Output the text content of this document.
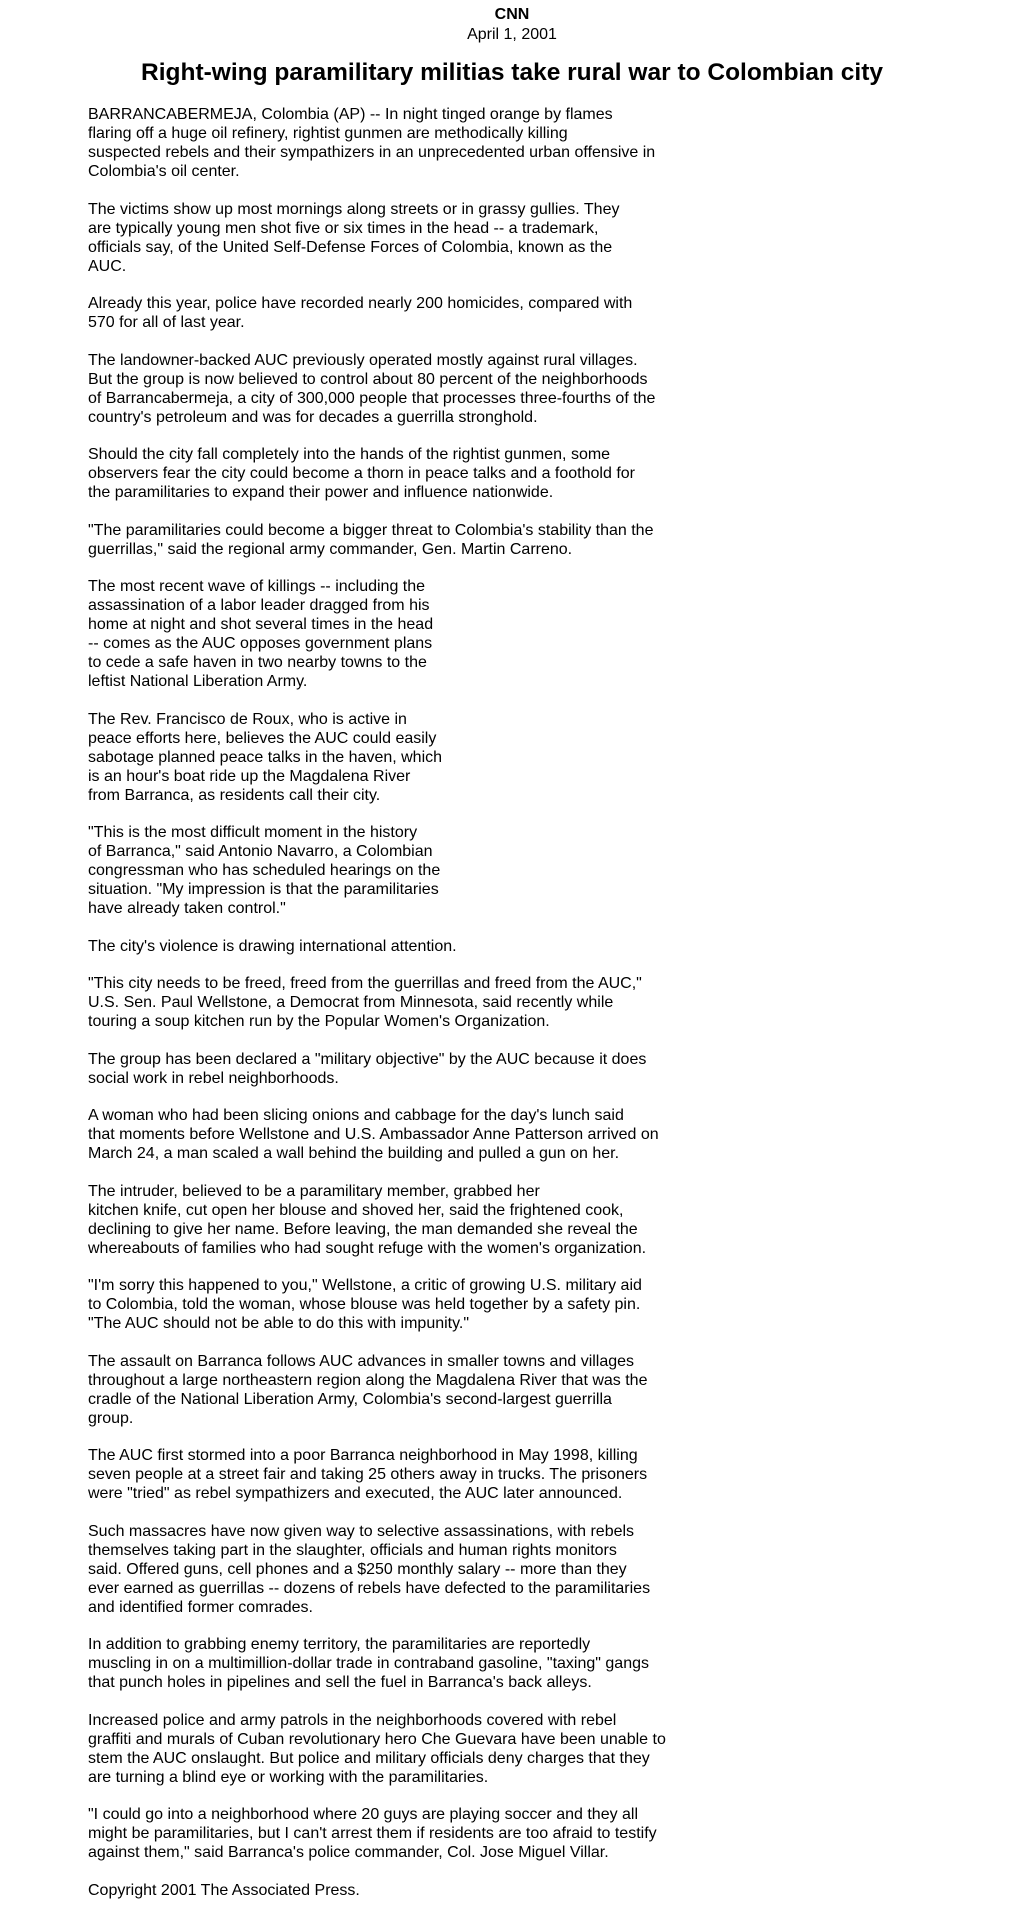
CNN
April 1, 2001
Right-wing paramilitary militias take rural war to Colombian city

BARRANCABERMEJA, Colombia (AP) -- In night tinged orange by flames
flaring off a huge oil refinery, rightist gunmen are methodically killing
suspected rebels and their sympathizers in an unprecedented urban offensive in
Colombia's oil center.

The victims show up most mornings along streets or in grassy gullies. They
are typically young men shot five or six times in the head -- a trademark,
officials say, of the United Self-Defense Forces of Colombia, known as the
AUC.

Already this year, police have recorded nearly 200 homicides, compared with
570 for all of last year.

The landowner-backed AUC previously operated mostly against rural villages.
But the group is now believed to control about 80 percent of the neighborhoods
of Barrancabermeja, a city of 300,000 people that processes three-fourths of the
country's petroleum and was for decades a guerrilla stronghold.

Should the city fall completely into the hands of the rightist gunmen, some
observers fear the city could become a thorn in peace talks and a foothold for
the paramilitaries to expand their power and influence nationwide.

"The paramilitaries could become a bigger threat to Colombia's stability than the
guerrillas," said the regional army commander, Gen. Martin Carreno.

The most recent wave of killings -- including the
assassination of a labor leader dragged from his
home at night and shot several times in the head
-- comes as the AUC opposes government plans
to cede a safe haven in two nearby towns to the
leftist National Liberation Army.

The Rev. Francisco de Roux, who is active in
peace efforts here, believes the AUC could easily
sabotage planned peace talks in the haven, which
is an hour's boat ride up the Magdalena River
from Barranca, as residents call their city.

"This is the most difficult moment in the history
of Barranca," said Antonio Navarro, a Colombian
congressman who has scheduled hearings on the
situation. "My impression is that the paramilitaries
have already taken control."

The city's violence is drawing international attention.

"This city needs to be freed, freed from the guerrillas and freed from the AUC,"
U.S. Sen. Paul Wellstone, a Democrat from Minnesota, said recently while
touring a soup kitchen run by the Popular Women's Organization.

The group has been declared a "military objective" by the AUC because it does
social work in rebel neighborhoods.

A woman who had been slicing onions and cabbage for the day's lunch said
that moments before Wellstone and U.S. Ambassador Anne Patterson arrived on
March 24, a man scaled a wall behind the building and pulled a gun on her.

The intruder, believed to be a paramilitary member, grabbed her
kitchen knife, cut open her blouse and shoved her, said the frightened cook,
declining to give her name. Before leaving, the man demanded she reveal the
whereabouts of families who had sought refuge with the women's organization.

"I'm sorry this happened to you," Wellstone, a critic of growing U.S. military aid
to Colombia, told the woman, whose blouse was held together by a safety pin.
"The AUC should not be able to do this with impunity."

The assault on Barranca follows AUC advances in smaller towns and villages
throughout a large northeastern region along the Magdalena River that was the
cradle of the National Liberation Army, Colombia's second-largest guerrilla
group.

The AUC first stormed into a poor Barranca neighborhood in May 1998, killing
seven people at a street fair and taking 25 others away in trucks. The prisoners
were "tried" as rebel sympathizers and executed, the AUC later announced.

Such massacres have now given way to selective assassinations, with rebels
themselves taking part in the slaughter, officials and human rights monitors
said. Offered guns, cell phones and a $250 monthly salary -- more than they
ever earned as guerrillas -- dozens of rebels have defected to the paramilitaries
and identified former comrades.

In addition to grabbing enemy territory, the paramilitaries are reportedly
muscling in on a multimillion-dollar trade in contraband gasoline, "taxing" gangs
that punch holes in pipelines and sell the fuel in Barranca's back alleys.

Increased police and army patrols in the neighborhoods covered with rebel
graffiti and murals of Cuban revolutionary hero Che Guevara have been unable to
stem the AUC onslaught. But police and military officials deny charges that they
are turning a blind eye or working with the paramilitaries.

"I could go into a neighborhood where 20 guys are playing soccer and they all
might be paramilitaries, but I can't arrest them if residents are too afraid to testify
against them," said Barranca's police commander, Col. Jose Miguel Villar.

Copyright 2001 The Associated Press.
